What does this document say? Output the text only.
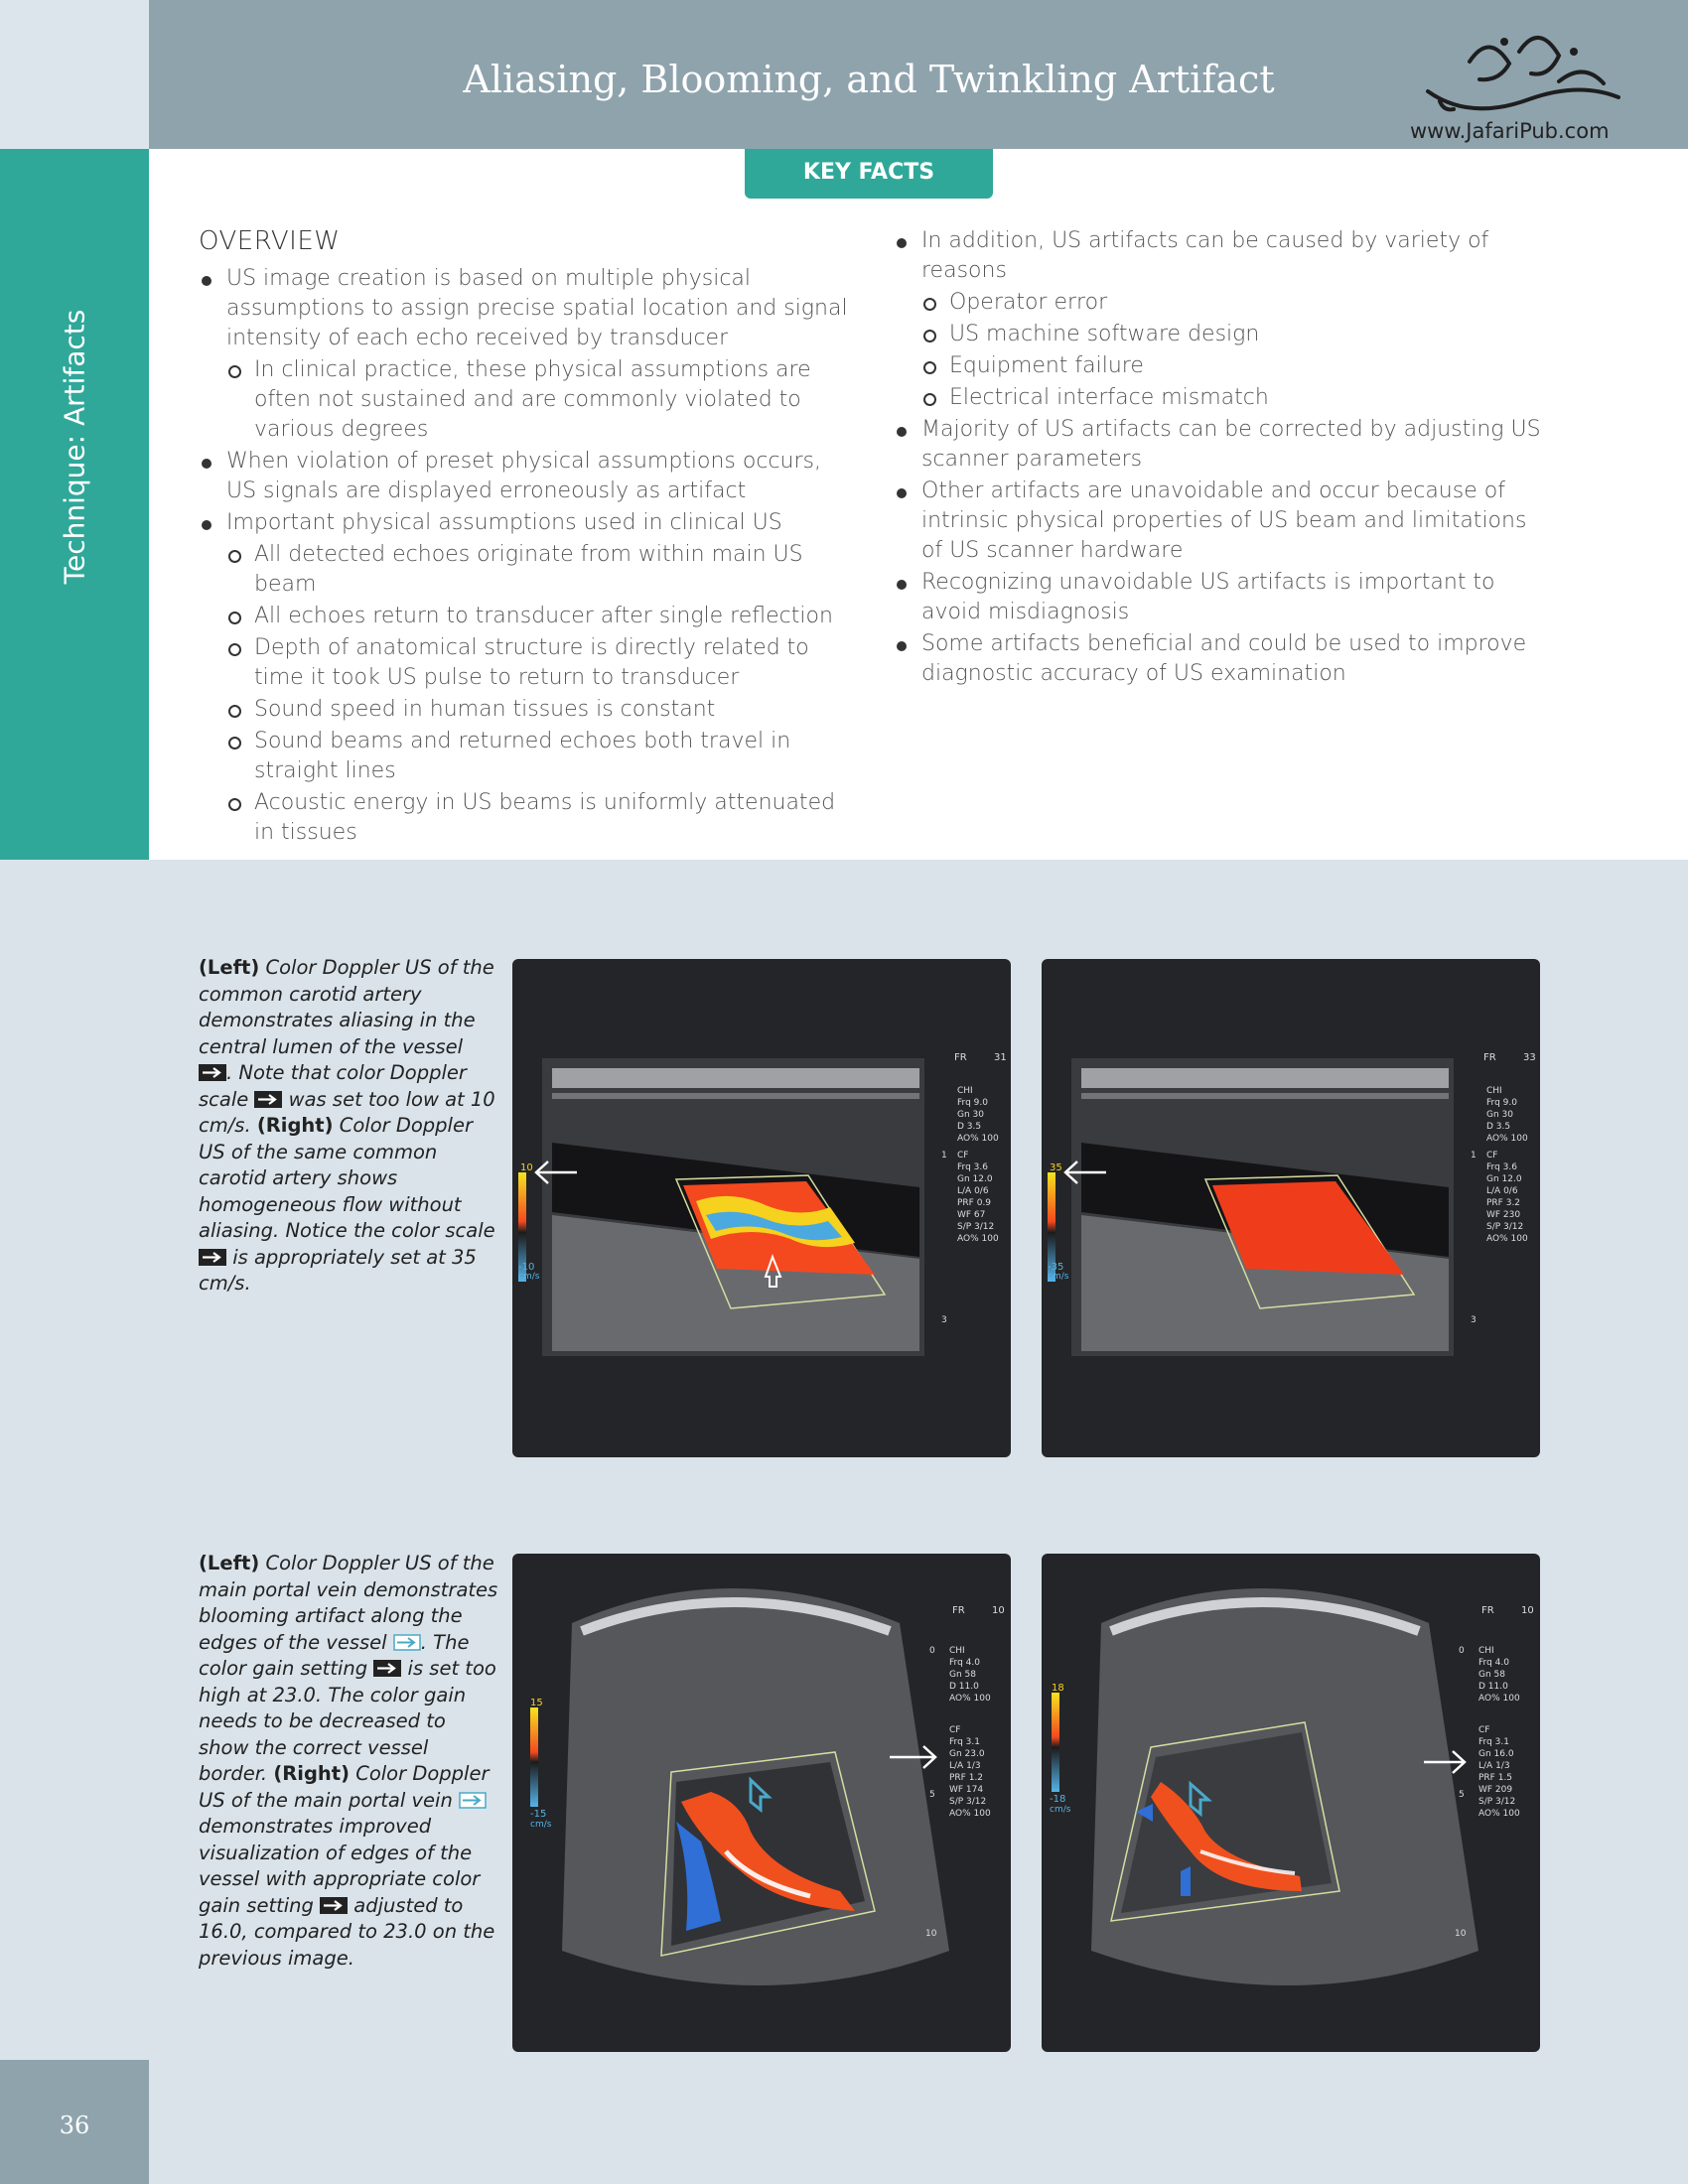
Aliasing, Blooming, and Twinkling Artifact
www.JafariPub.com
Technique: Artifacts
KEY FACTS
OVERVIEW
US image creation is based on multiple physical assumptions to assign precise spatial location and signal intensity of each echo received by transducer
In clinical practice, these physical assumptions are often not sustained and are commonly violated to various degrees
When violation of preset physical assumptions occurs, US signals are displayed erroneously as artifact
Important physical assumptions used in clinical US
All detected echoes originate from within main US beam
All echoes return to transducer after single reflection
Depth of anatomical structure is directly related to time it took US pulse to return to transducer
Sound speed in human tissues is constant
Sound beams and returned echoes both travel in straight lines
Acoustic energy in US beams is uniformly attenuated in tissues
In addition, US artifacts can be caused by variety of reasons
Operator error
US machine software design
Equipment failure
Electrical interface mismatch
Majority of US artifacts can be corrected by adjusting US scanner parameters
Other artifacts are unavoidable and occur because of intrinsic physical properties of US beam and limitations of US scanner hardware
Recognizing unavoidable US artifacts is important to avoid misdiagnosis
Some artifacts beneficial and could be used to improve diagnostic accuracy of US examination
(Left) Color Doppler US of the common carotid artery demonstrates aliasing in the central lumen of the vessel . Note that color Doppler scale  was set too low at 10 cm/s. (Right) Color Doppler US of the same common carotid artery shows homogeneous flow without aliasing. Notice the color scale  is appropriately set at 35 cm/s.
10
-10
cm/s
FR	31
CHI
Frq 9.0
Gn 30
D 3.5
AO% 100
CF
Frq 3.6
Gn 12.0
L/A 0/6
PRF 0.9
WF 67
S/P 3/12
AO% 100
1
3
35
-35
cm/s
FR	33
CHI
Frq 9.0
Gn 30
D 3.5
AO% 100
CF
Frq 3.6
Gn 12.0
L/A 0/6
PRF 3.2
WF 230
S/P 3/12
AO% 100
1
3
(Left) Color Doppler US of the main portal vein demonstrates blooming artifact along the edges of the vessel . The color gain setting  is set too high at 23.0. The color gain needs to be decreased to show the correct vessel border. (Right) Color Doppler US of the main portal vein  demonstrates improved visualization of edges of the vessel with appropriate color gain setting  adjusted to 16.0, compared to 23.0 on the previous image.
15
-15
cm/s
FR	10
CHI
Frq 4.0
Gn 58
D 11.0
AO% 100
CF
Frq 3.1
Gn 23.0
L/A 1/3
PRF 1.2
WF 174
S/P 3/12
AO% 100
0
5
10
18
-18
cm/s
FR	10
CHI
Frq 4.0
Gn 58
D 11.0
AO% 100
CF
Frq 3.1
Gn 16.0
L/A 1/3
PRF 1.5
WF 209
S/P 3/12
AO% 100
0
5
10
36
